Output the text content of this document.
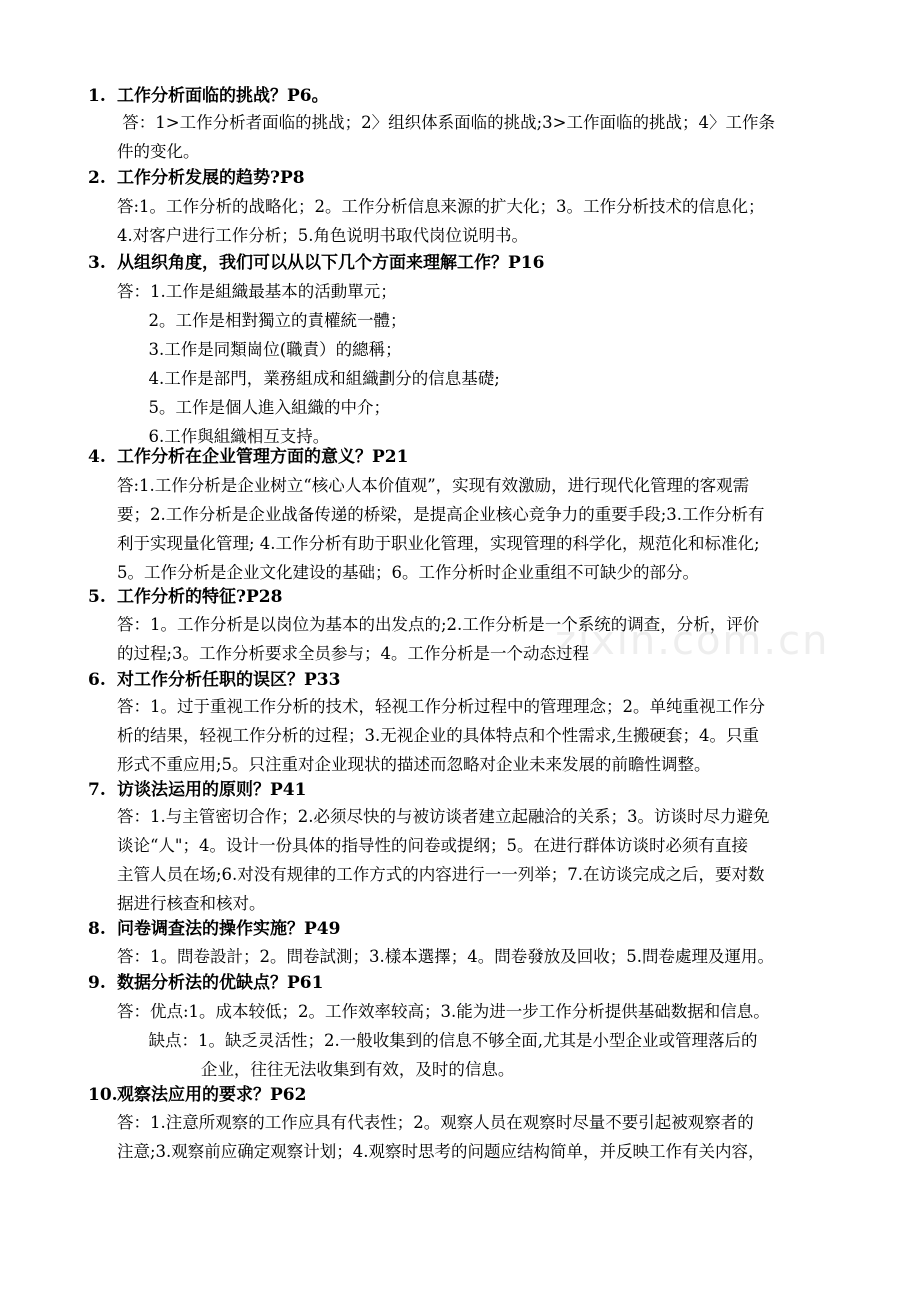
zixin.com.cn
1. 工作分析面临的挑战？P6。
答：1>工作分析者面临的挑战；2〉组织体系面临的挑战;3>工作面临的挑战；4〉工作条
件的变化。
2. 工作分析发展的趋势?P8
答:1。工作分析的战略化；2。工作分析信息来源的扩大化；3。工作分析技术的信息化；
4.对客户进行工作分析；5.角色说明书取代岗位说明书。
3. 从组织角度，我们可以从以下几个方面来理解工作？P16
答：1.工作是組織最基本的活動單元；
2。工作是相對獨立的責權統一體；
3.工作是同類崗位(職責）的總稱；
4.工作是部門，業務組成和組織劃分的信息基礎;
5。工作是個人進入組織的中介；
6.工作與組織相互支持。
4. 工作分析在企业管理方面的意义？P21
答:1.工作分析是企业树立“核心人本价值观”，实现有效激励，进行现代化管理的客观需
要；2.工作分析是企业战备传递的桥梁，是提高企业核心竞争力的重要手段;3.工作分析有
利于实现量化管理; 4.工作分析有助于职业化管理，实现管理的科学化，规范化和标准化;
5。工作分析是企业文化建设的基础；6。工作分析时企业重组不可缺少的部分。
5. 工作分析的特征?P28
答：1。工作分析是以岗位为基本的出发点的;2.工作分析是一个系统的调查，分析，评价
的过程;3。工作分析要求全员参与；4。工作分析是一个动态过程
6. 对工作分析任职的误区？P33
答：1。过于重视工作分析的技术，轻视工作分析过程中的管理理念；2。单纯重视工作分
析的结果，轻视工作分析的过程；3.无视企业的具体特点和个性需求,生搬硬套；4。只重
形式不重应用;5。只注重对企业现状的描述而忽略对企业未来发展的前瞻性调整。
7. 访谈法运用的原则？P41
答：1.与主管密切合作；2.必须尽快的与被访谈者建立起融洽的关系；3。访谈时尽力避免
谈论“人"；4。设计一份具体的指导性的问卷或提纲；5。在进行群体访谈时必须有直接
主管人员在场;6.对没有规律的工作方式的内容进行一一列举；7.在访谈完成之后，要对数
据进行核查和核对。
8. 问卷调查法的操作实施？P49
答：1。問卷設計；2。問卷試測；3.樣本選擇；4。問卷發放及回收；5.問卷處理及運用。
9. 数据分析法的优缺点？P61
答：优点:1。成本较低；2。工作效率较高；3.能为进一步工作分析提供基础数据和信息。
缺点：1。缺乏灵活性；2.一般收集到的信息不够全面,尤其是小型企业或管理落后的
企业，往往无法收集到有效，及时的信息。
10.观察法应用的要求？P62
答：1.注意所观察的工作应具有代表性；2。观察人员在观察时尽量不要引起被观察者的
注意;3.观察前应确定观察计划；4.观察时思考的问题应结构简单，并反映工作有关内容，
